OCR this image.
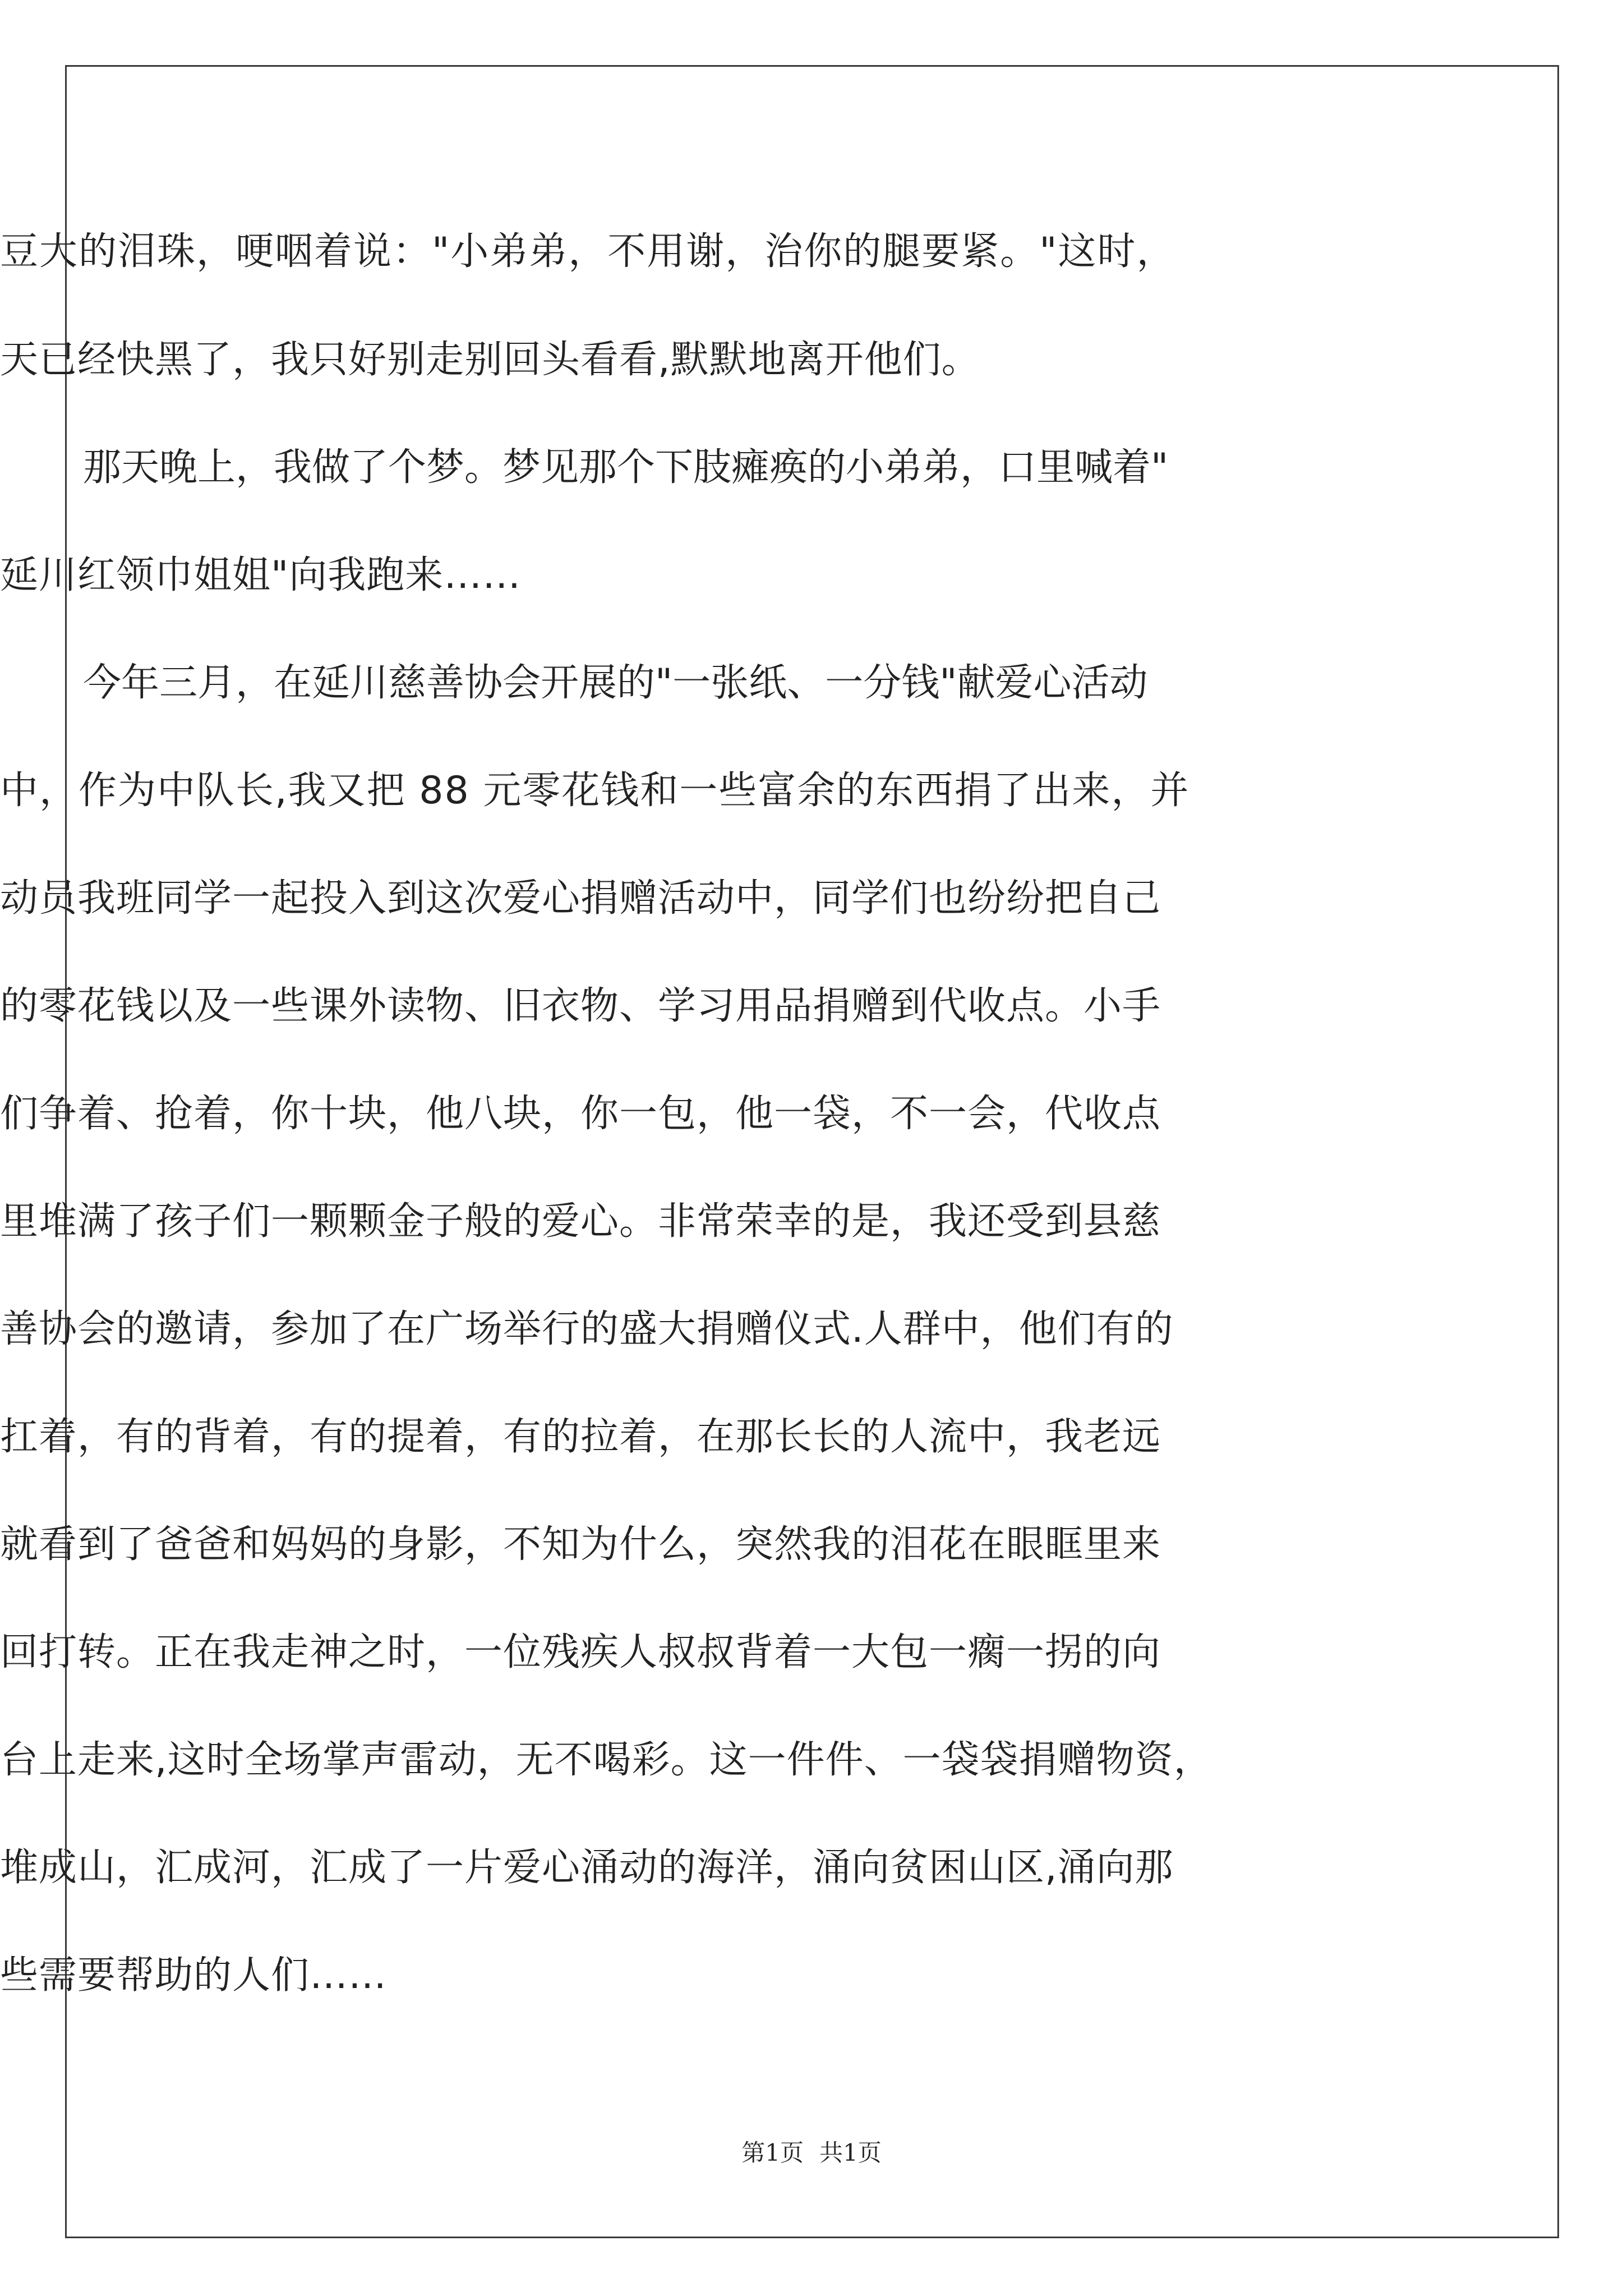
豆大的泪珠，哽咽着说："小弟弟，不用谢，治你的腿要紧。"这时，

天已经快黑了，我只好别走别回头看看,默默地离开他们。

那天晚上，我做了个梦。梦见那个下肢瘫痪的小弟弟，口里喊着"

延川红领巾姐姐"向我跑来……

今年三月，在延川慈善协会开展的"一张纸、一分钱"献爱心活动

中，作为中队长,我又把 88 元零花钱和一些富余的东西捐了出来，并

动员我班同学一起投入到这次爱心捐赠活动中，同学们也纷纷把自己

的零花钱以及一些课外读物、旧衣物、学习用品捐赠到代收点。小手

们争着、抢着，你十块，他八块，你一包，他一袋，不一会，代收点

里堆满了孩子们一颗颗金子般的爱心。非常荣幸的是，我还受到县慈

善协会的邀请，参加了在广场举行的盛大捐赠仪式.人群中，他们有的

扛着，有的背着，有的提着，有的拉着，在那长长的人流中，我老远

就看到了爸爸和妈妈的身影，不知为什么，突然我的泪花在眼眶里来

回打转。正在我走神之时，一位残疾人叔叔背着一大包一瘸一拐的向

台上走来,这时全场掌声雷动，无不喝彩。这一件件、一袋袋捐赠物资，

堆成山，汇成河，汇成了一片爱心涌动的海洋，涌向贫困山区,涌向那

些需要帮助的人们……

第1页 共1页
